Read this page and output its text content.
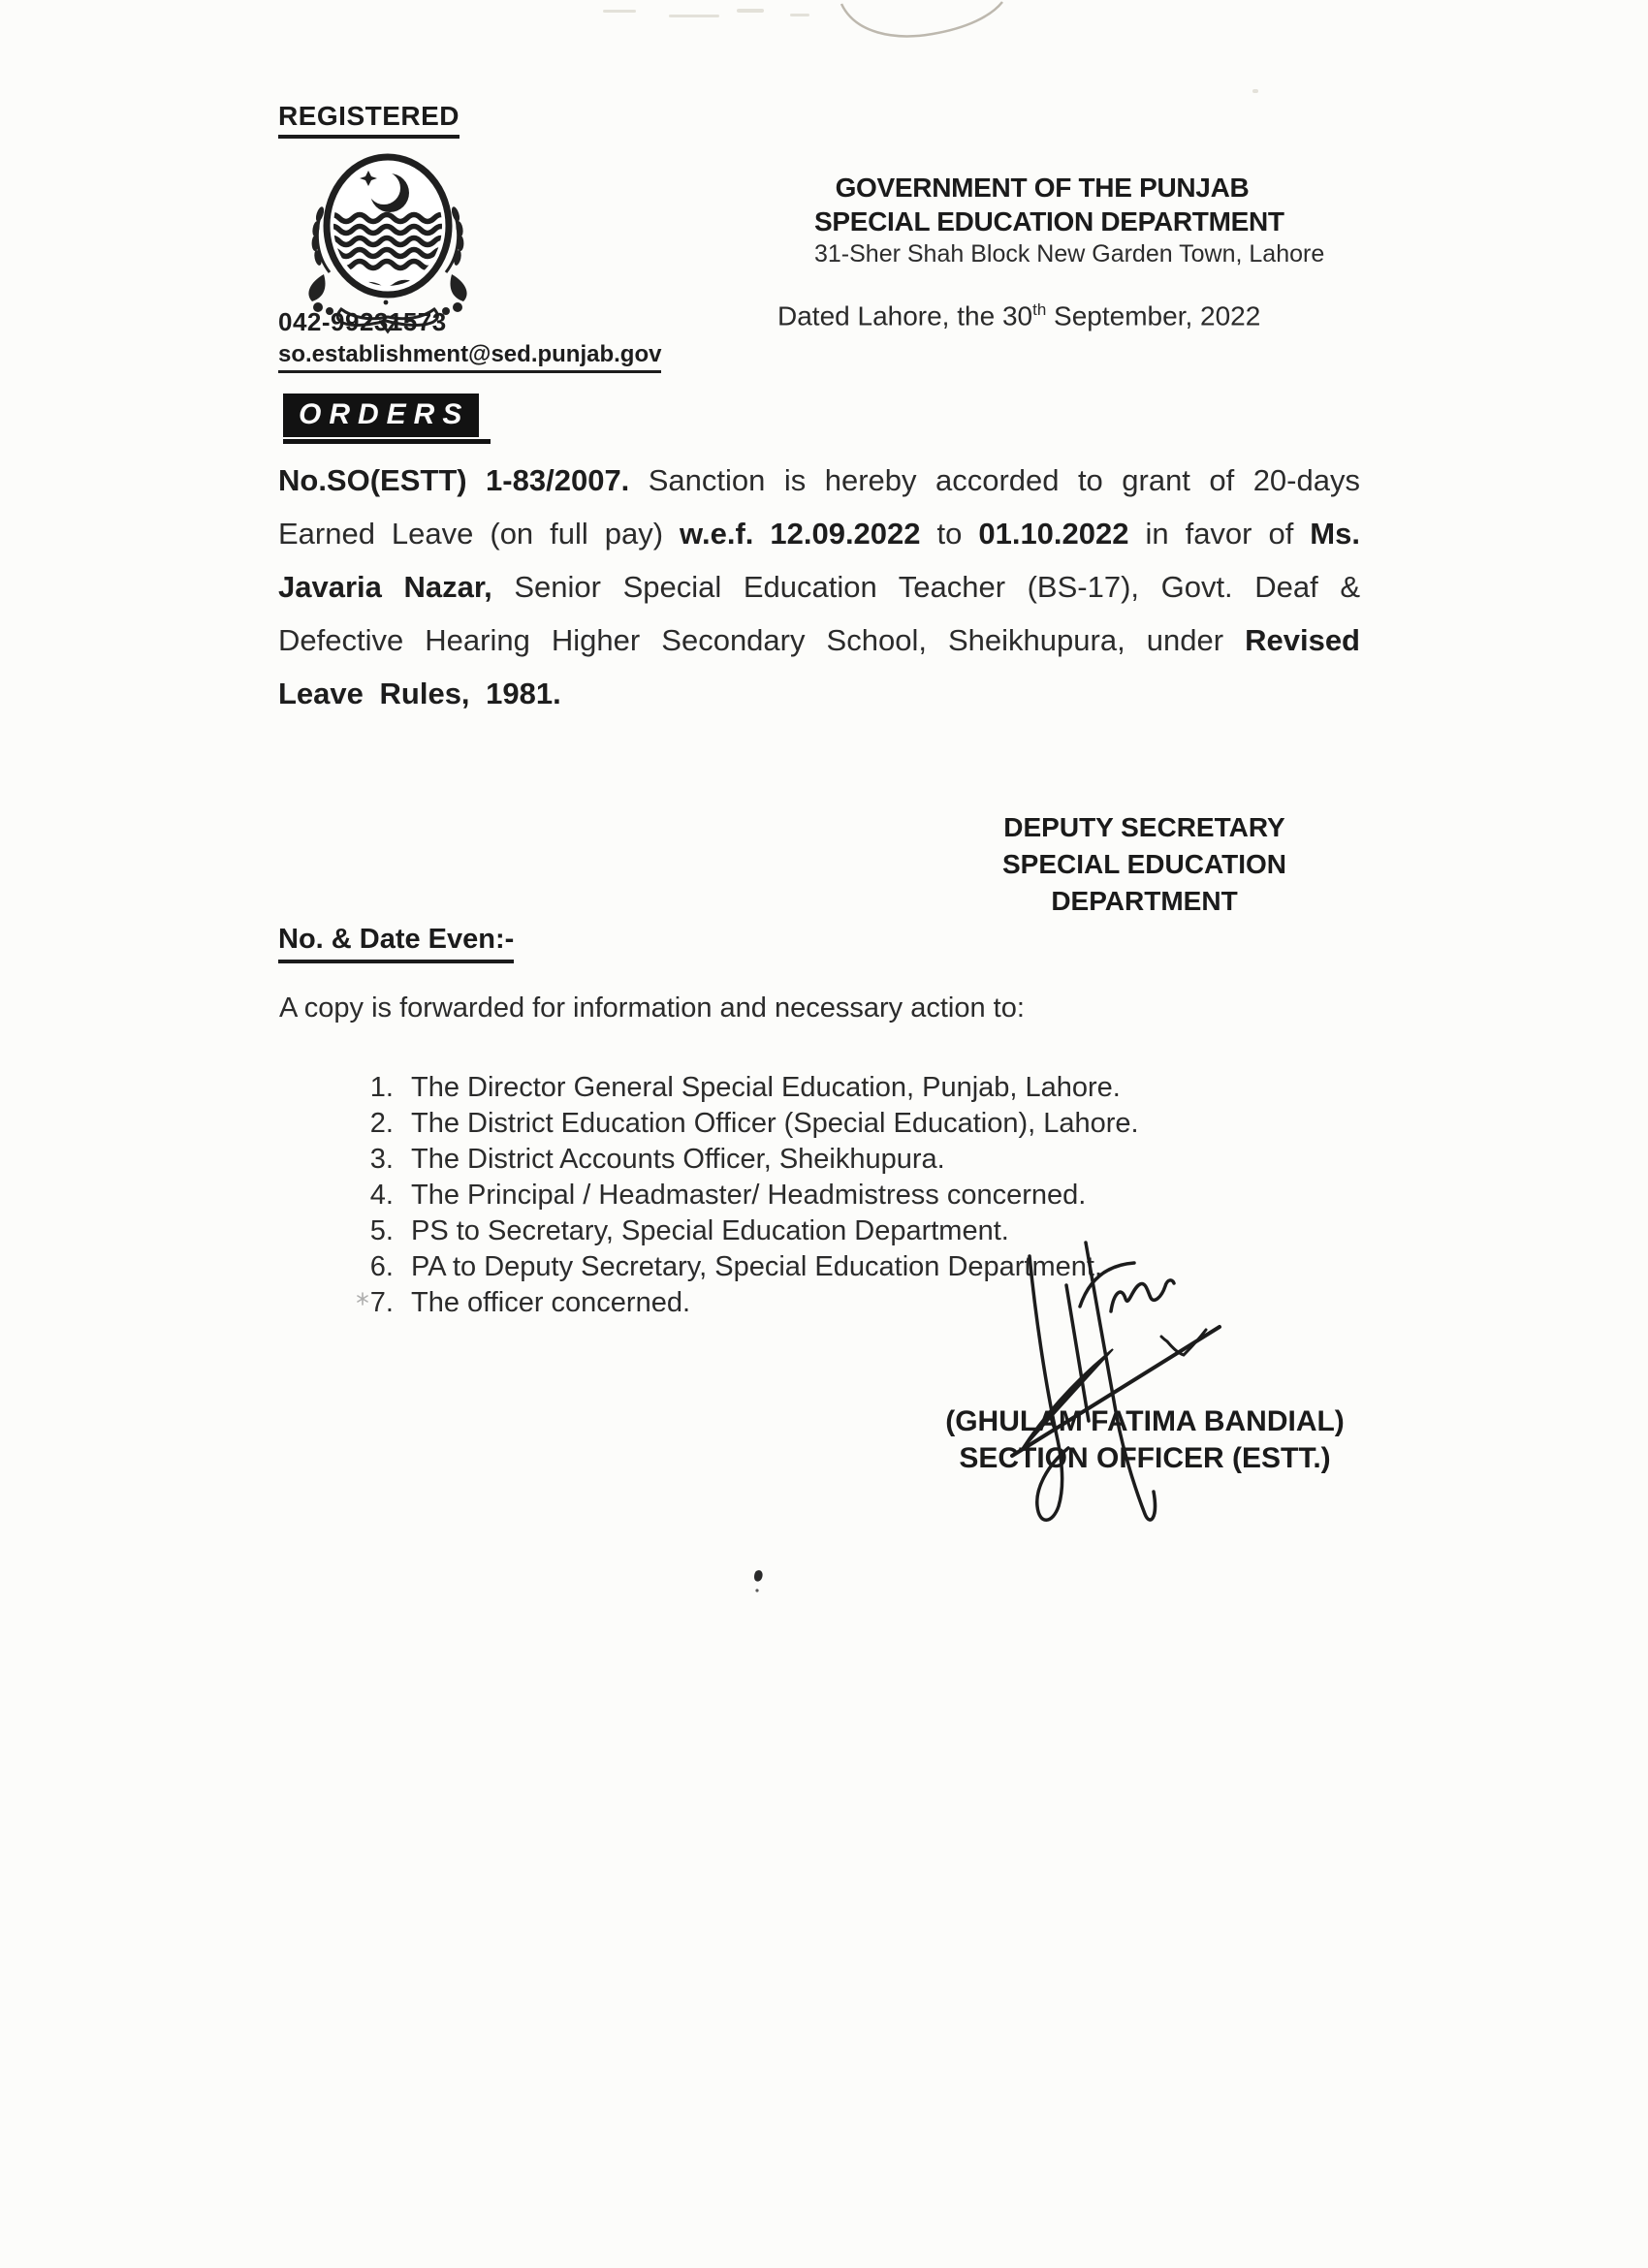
REGISTERED
042-99231573
so.establishment@sed.punjab.gov
GOVERNMENT OF THE PUNJAB
SPECIAL EDUCATION DEPARTMENT
31-Sher Shah Block New Garden Town, Lahore
Dated Lahore, the 30th September, 2022
ORDERS
No.SO(ESTT) 1-83/2007. Sanction is hereby accorded to grant of 20-days Earned Leave (on full pay) w.e.f. 12.09.2022 to 01.10.2022 in favor of Ms. Javaria Nazar, Senior Special Education Teacher (BS-17), Govt. Deaf & Defective Hearing Higher Secondary School, Sheikhupura, under Revised Leave Rules, 1981.
DEPUTY SECRETARY
SPECIAL EDUCATION
DEPARTMENT
No. & Date Even:-
A copy is forwarded for information and necessary action to:
1. The Director General Special Education, Punjab, Lahore.
2. The District Education Officer (Special Education), Lahore.
3. The District Accounts Officer, Sheikhupura.
4. The Principal / Headmaster/ Headmistress concerned.
5. PS to Secretary, Special Education Department.
6. PA to Deputy Secretary, Special Education Department.
7. The officer concerned.
(GHULAM FATIMA BANDIAL)
SECTION OFFICER (ESTT.)
